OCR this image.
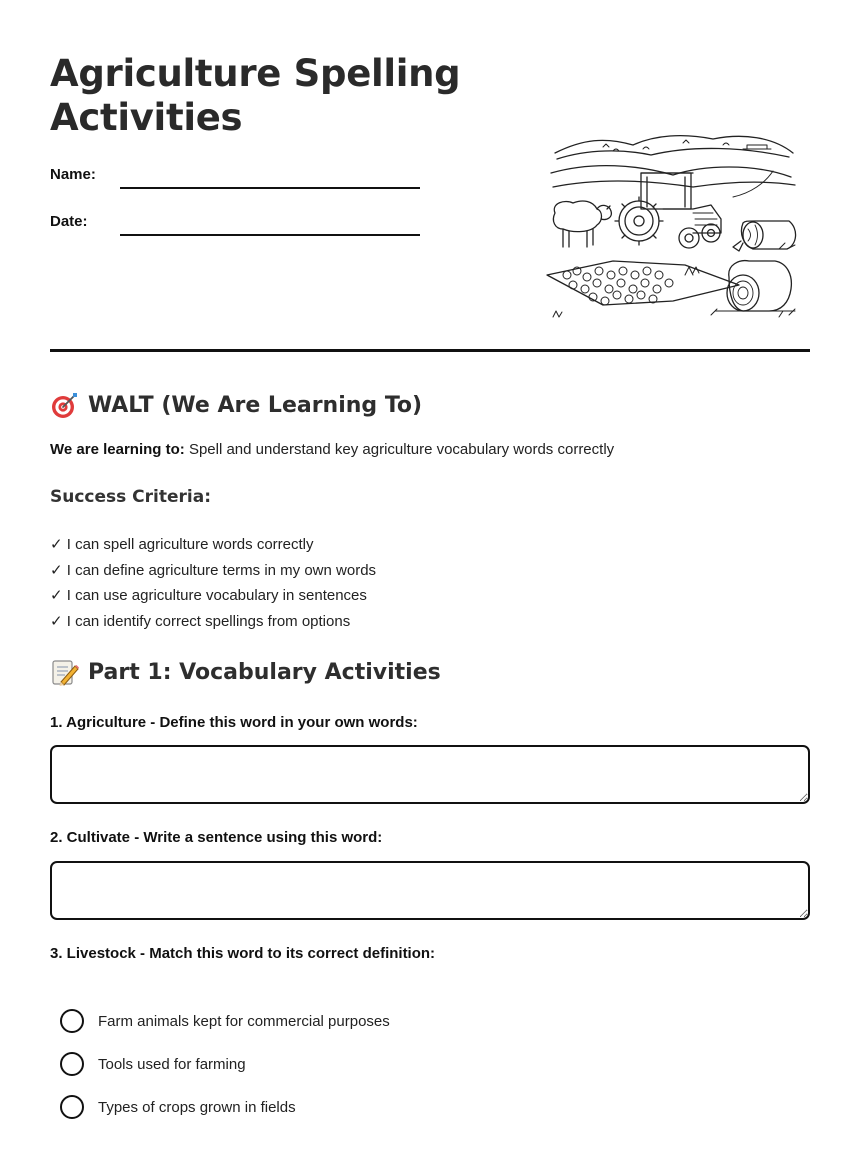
Agriculture Spelling Activities
Name:
Date:
WALT (We Are Learning To)

We are learning to: Spell and understand key agriculture vocabulary words correctly

Success Criteria:
✓ I can spell agriculture words correctly
✓ I can define agriculture terms in my own words
✓ I can use agriculture vocabulary in sentences
✓ I can identify correct spellings from options
Part 1: Vocabulary Activities

1. Agriculture - Define this word in your own words:

2. Cultivate - Write a sentence using this word:

3. Livestock - Match this word to its correct definition:

Farm animals kept for commercial purposes
Tools used for farming
Types of crops grown in fields
